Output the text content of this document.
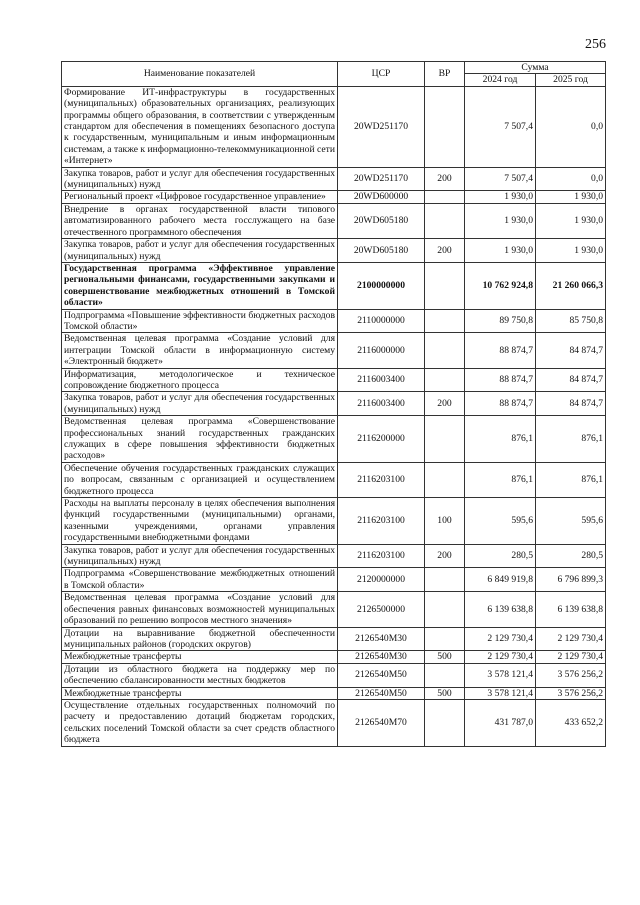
256
Наименование показателей	ЦСР	ВР	Сумма	
			2024 год	2025 год
Формирование ИТ-инфраструктуры в государственных (муниципальных) образовательных организациях, реализующих программы общего образования, в соответствии с утвержденным стандартом для обеспечения в помещениях безопасного доступа к государственным, муниципальным и иным информационным системам, а также к информационно-телекоммуникационной сети «Интернет»	20WD251170		7 507,4	0,0
Закупка товаров, работ и услуг для обеспечения государственных (муниципальных) нужд	20WD251170	200	7 507,4	0,0
Региональный проект «Цифровое государственное управление»	20WD600000		1 930,0	1 930,0
Внедрение в органах государственной власти типового автоматизированного рабочего места госслужащего на базе отечественного программного обеспечения	20WD605180		1 930,0	1 930,0
Закупка товаров, работ и услуг для обеспечения государственных (муниципальных) нужд	20WD605180	200	1 930,0	1 930,0
Государственная программа «Эффективное управление региональными финансами, государственными закупками и совершенствование межбюджетных отношений в Томской области»	2100000000		10 762 924,8	21 260 066,3
Подпрограмма «Повышение эффективности бюджетных расходов Томской области»	2110000000		89 750,8	85 750,8
Ведомственная целевая программа «Создание условий для интеграции Томской области в информационную систему «Электронный бюджет»	2116000000		88 874,7	84 874,7
Информатизация, методологическое и техническое сопровождение бюджетного процесса	2116003400		88 874,7	84 874,7
Закупка товаров, работ и услуг для обеспечения государственных (муниципальных) нужд	2116003400	200	88 874,7	84 874,7
Ведомственная целевая программа «Совершенствование профессиональных знаний государственных гражданских служащих в сфере повышения эффективности бюджетных расходов»	2116200000		876,1	876,1
Обеспечение обучения государственных гражданских служащих по вопросам, связанным с организацией и осуществлением бюджетного процесса	2116203100		876,1	876,1
Расходы на выплаты персоналу в целях обеспечения выполнения функций государственными (муниципальными) органами, казенными учреждениями, органами управления государственными внебюджетными фондами	2116203100	100	595,6	595,6
Закупка товаров, работ и услуг для обеспечения государственных (муниципальных) нужд	2116203100	200	280,5	280,5
Подпрограмма «Совершенствование межбюджетных отношений в Томской области»	2120000000		6 849 919,8	6 796 899,3
Ведомственная целевая программа «Создание условий для обеспечения равных финансовых возможностей муниципальных образований по решению вопросов местного значения»	2126500000		6 139 638,8	6 139 638,8
Дотации на выравнивание бюджетной обеспеченности муниципальных районов (городских округов)	2126540М30		2 129 730,4	2 129 730,4
Межбюджетные трансферты	2126540М30	500	2 129 730,4	2 129 730,4
Дотации из областного бюджета на поддержку мер по обеспечению сбалансированности местных бюджетов	2126540М50		3 578 121,4	3 576 256,2
Межбюджетные трансферты	2126540М50	500	3 578 121,4	3 576 256,2
Осуществление отдельных государственных полномочий по расчету и предоставлению дотаций бюджетам городских, сельских поселений Томской области за счет средств областного бюджета	2126540М70		431 787,0	433 652,2
